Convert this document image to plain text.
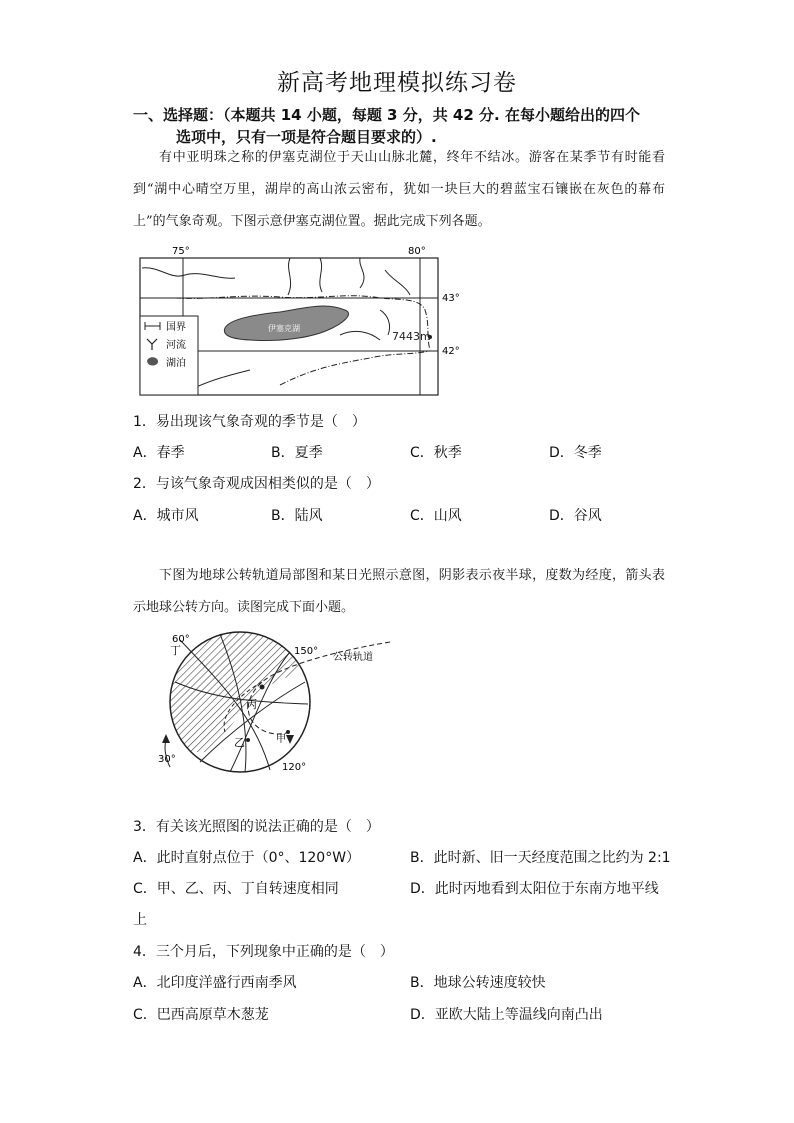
新高考地理模拟练习卷
一、选择题：（本题共 14 小题，每题 3 分，共 42 分. 在每小题给出的四个
选项中，只有一项是符合题目要求的）.
有中亚明珠之称的伊塞克湖位于天山山脉北麓，终年不结冰。游客在某季节有时能看到“湖中心晴空万里，湖岸的高山浓云密布，犹如一块巨大的碧蓝宝石镶嵌在灰色的幕布上”的气象奇观。下图示意伊塞克湖位置。据此完成下列各题。
伊塞克湖
7443m
75°	80°
43°
42°
国界
河流
湖泊
1．易出现该气象奇观的季节是（　）
A．春季	B．夏季	C．秋季	D．冬季
2．与该气象奇观成因相类似的是（　）
A．城市风	B．陆风	C．山风	D．谷风
下图为地球公转轨道局部图和某日光照示意图，阴影表示夜半球，度数为经度，箭头表示地球公转方向。读图完成下面小题。
60°
丁	150°
公转轨道
丙
乙	甲
30°
120°
3．有关该光照图的说法正确的是（　）
A．此时直射点位于（0°、120°W）	B．此时新、旧一天经度范围之比约为 2:1
C．甲、乙、丙、丁自转速度相同	D．此时丙地看到太阳位于东南方地平线
上
4．三个月后，下列现象中正确的是（　）
A．北印度洋盛行西南季风	B．地球公转速度较快
C．巴西高原草木葱茏	D．亚欧大陆上等温线向南凸出
